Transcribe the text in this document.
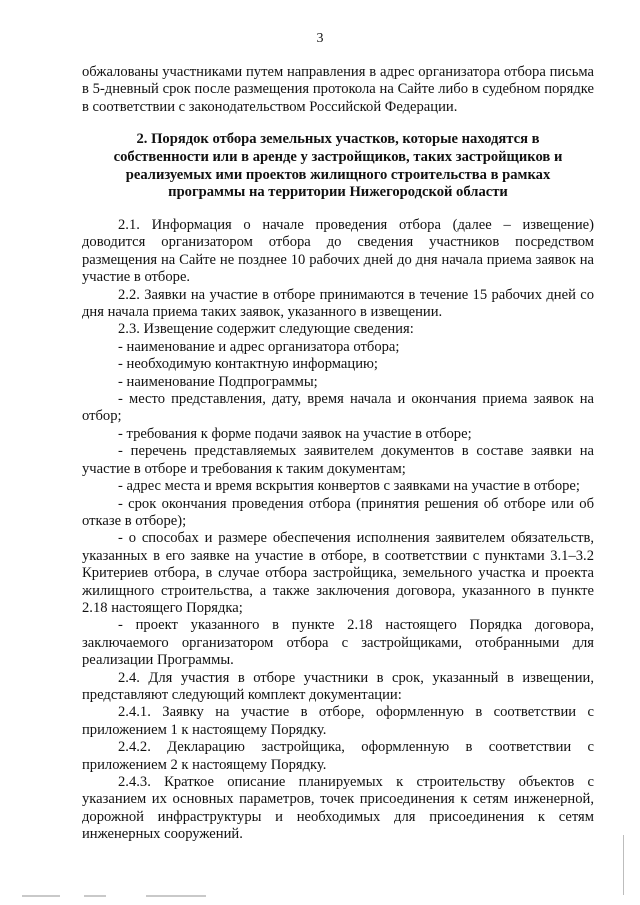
3

обжалованы участниками путем направления в адрес организатора отбора письма в 5-дневный срок после размещения протокола на Сайте либо в судебном порядке в соответствии с законодательством Российской Федерации.

2. Порядок отбора земельных участков, которые находятся в

собственности или в аренде у застройщиков, таких застройщиков и

реализуемых ими проектов жилищного строительства в рамках

программы на территории Нижегородской области

2.1. Информация о начале проведения отбора (далее – извещение) доводится организатором отбора до сведения участников посредством размещения на Сайте не позднее 10 рабочих дней до дня начала приема заявок на участие в отборе.

2.2. Заявки на участие в отборе принимаются в течение 15 рабочих дней со дня начала приема таких заявок, указанного в извещении.

2.3. Извещение содержит следующие сведения:

- наименование и адрес организатора отбора;

- необходимую контактную информацию;

- наименование Подпрограммы;

- место представления, дату, время начала и окончания приема заявок на отбор;

- требования к форме подачи заявок на участие в отборе;

- перечень представляемых заявителем документов в составе заявки на участие в отборе и требования к таким документам;

- адрес места и время вскрытия конвертов с заявками на участие в отборе;

- срок окончания проведения отбора (принятия решения об отборе или об отказе в отборе);

- о способах и размере обеспечения исполнения заявителем обязательств, указанных в его заявке на участие в отборе, в соответствии с пунктами 3.1–3.2 Критериев отбора, в случае отбора застройщика, земельного участка и проекта жилищного строительства, а также заключения договора, указанного в пункте 2.18 настоящего Порядка;

- проект указанного в пункте 2.18 настоящего Порядка договора, заключаемого организатором отбора с застройщиками, отобранными для реализации Программы.

2.4. Для участия в отборе участники в срок, указанный в извещении, представляют следующий комплект документации:

2.4.1. Заявку на участие в отборе, оформленную в соответствии с приложением 1 к настоящему Порядку.

2.4.2. Декларацию застройщика, оформленную в соответствии с приложением 2 к настоящему Порядку.

2.4.3. Краткое описание планируемых к строительству объектов с указанием их основных параметров, точек присоединения к сетям инженерной, дорожной инфраструктуры и необходимых для присоединения к сетям инженерных сооружений.
